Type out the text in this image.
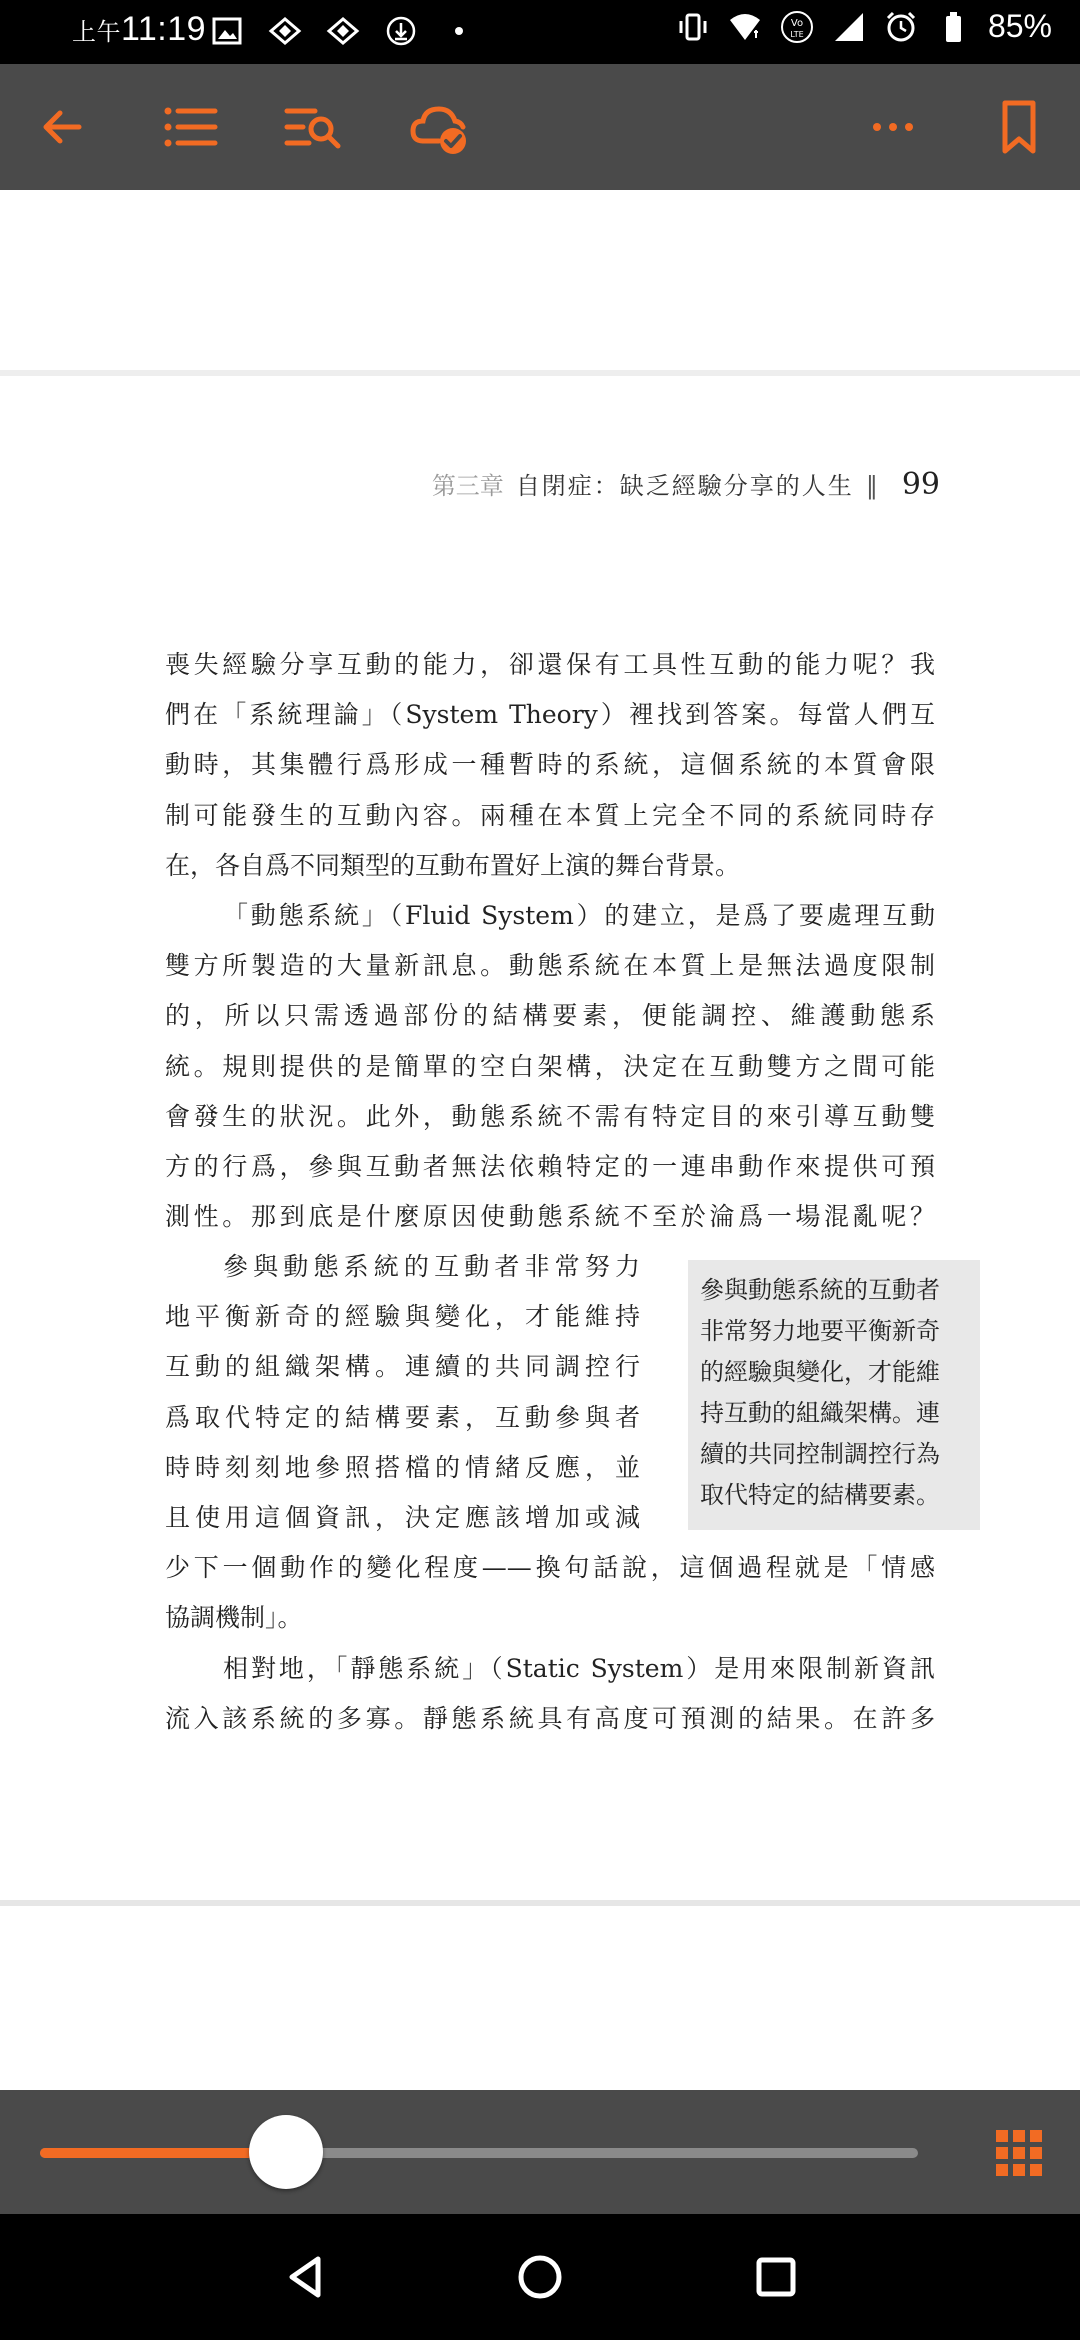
上午11:19	Vo
LTE	85%
第三章 自閉症：缺乏經驗分享的人生 ‖ 99

喪失經驗分享互動的能力，卻還保有工具性互動的能力呢？我

們在「系統理論」（System Theory）裡找到答案。每當人們互

動時，其集體行爲形成一種暫時的系統，這個系統的本質會限

制可能發生的互動內容。兩種在本質上完全不同的系統同時存

在，各自爲不同類型的互動布置好上演的舞台背景。

「動態系統」（Fluid System）的建立，是爲了要處理互動

雙方所製造的大量新訊息。動態系統在本質上是無法過度限制

的，所以只需透過部份的結構要素，便能調控、維護動態系

統。規則提供的是簡單的空白架構，決定在互動雙方之間可能

會發生的狀況。此外，動態系統不需有特定目的來引導互動雙

方的行爲，參與互動者無法依賴特定的一連串動作來提供可預

測性。那到底是什麼原因使動態系統不至於淪爲一場混亂呢？

參與動態系統的互動者非常努力

地平衡新奇的經驗與變化，才能維持

互動的組織架構。連續的共同調控行

爲取代特定的結構要素，互動參與者

時時刻刻地參照搭檔的情緒反應，並

且使用這個資訊，決定應該增加或減

參與動態系統的互動者
非常努力地要平衡新奇
的經驗與變化，才能維
持互動的組織架構。連
續的共同控制調控行為
取代特定的結構要素。

少下一個動作的變化程度——換句話說，這個過程就是「情感

協調機制」。

相對地，「靜態系統」（Static System）是用來限制新資訊

流入該系統的多寡。靜態系統具有高度可預測的結果。在許多
